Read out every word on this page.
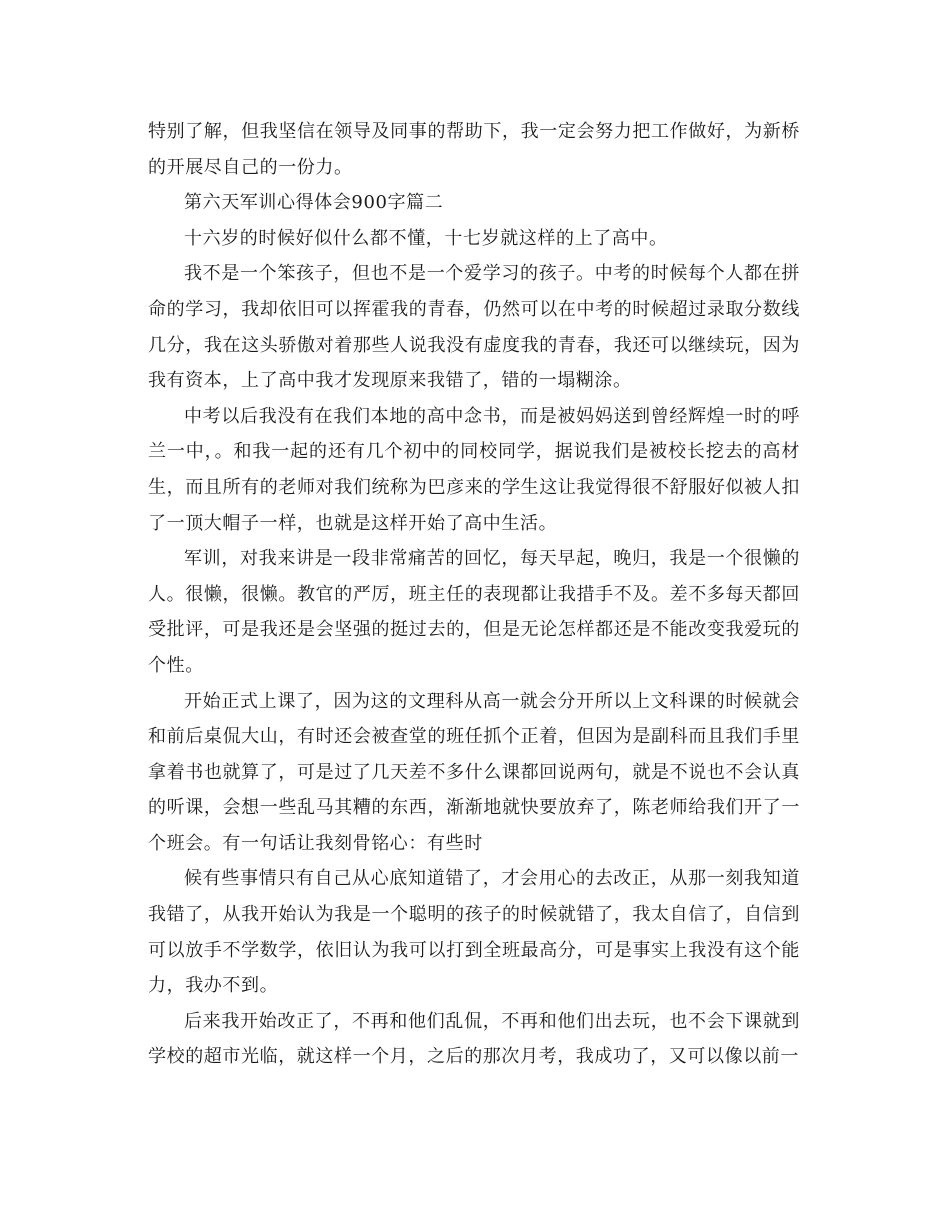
特别了解，但我坚信在领导及同事的帮助下，我一定会努力把工作做好，为新桥的开展尽自己的一份力。

第六天军训心得体会900字篇二

十六岁的时候好似什么都不懂，十七岁就这样的上了高中。

我不是一个笨孩子，但也不是一个爱学习的孩子。中考的时候每个人都在拼命的学习，我却依旧可以挥霍我的青春，仍然可以在中考的时候超过录取分数线几分，我在这头骄傲对着那些人说我没有虚度我的青春，我还可以继续玩，因为我有资本，上了高中我才发现原来我错了，错的一塌糊涂。

中考以后我没有在我们本地的高中念书，而是被妈妈送到曾经辉煌一时的呼兰一中，。和我一起的还有几个初中的同校同学，据说我们是被校长挖去的高材生，而且所有的老师对我们统称为巴彦来的学生这让我觉得很不舒服好似被人扣了一顶大帽子一样，也就是这样开始了高中生活。

军训，对我来讲是一段非常痛苦的回忆，每天早起，晚归，我是一个很懒的人。很懒，很懒。教官的严厉，班主任的表现都让我措手不及。差不多每天都回受批评，可是我还是会坚强的挺过去的，但是无论怎样都还是不能改变我爱玩的个性。

开始正式上课了，因为这的文理科从高一就会分开所以上文科课的时候就会和前后桌侃大山，有时还会被查堂的班任抓个正着，但因为是副科而且我们手里拿着书也就算了，可是过了几天差不多什么课都回说两句，就是不说也不会认真的听课，会想一些乱马其糟的东西，渐渐地就快要放弃了，陈老师给我们开了一个班会。有一句话让我刻骨铭心：有些时

候有些事情只有自己从心底知道错了，才会用心的去改正，从那一刻我知道我错了，从我开始认为我是一个聪明的孩子的时候就错了，我太自信了，自信到可以放手不学数学，依旧认为我可以打到全班最高分，可是事实上我没有这个能力，我办不到。

后来我开始改正了，不再和他们乱侃，不再和他们出去玩，也不会下课就到学校的超市光临，就这样一个月，之后的那次月考，我成功了，又可以像以前一
